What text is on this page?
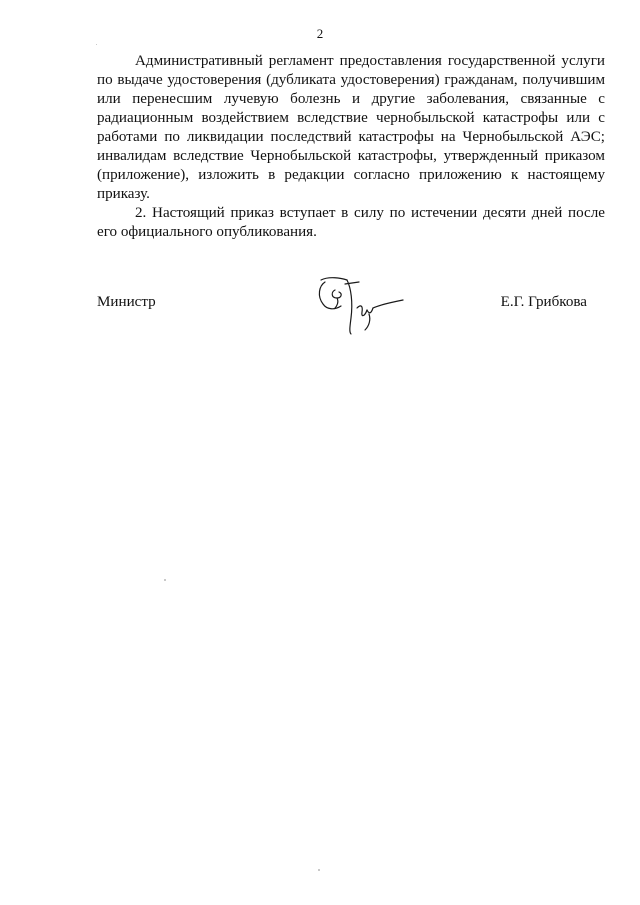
2

Административный регламент предоставления государственной услуги по выдаче удостоверения (дубликата удостоверения) гражданам, получившим или перенесшим лучевую болезнь и другие заболевания, связанные с радиационным воздействием вследствие чернобыльской катастрофы или с работами по ликвидации последствий катастрофы на Чернобыльской АЭС; инвалидам вследствие Чернобыльской катастрофы, утвержденный приказом (приложение), изложить в редакции согласно приложению к настоящему приказу.

2. Настоящий приказ вступает в силу по истечении десяти дней после его официального опубликования.

Министр	Е.Г. Грибкова
